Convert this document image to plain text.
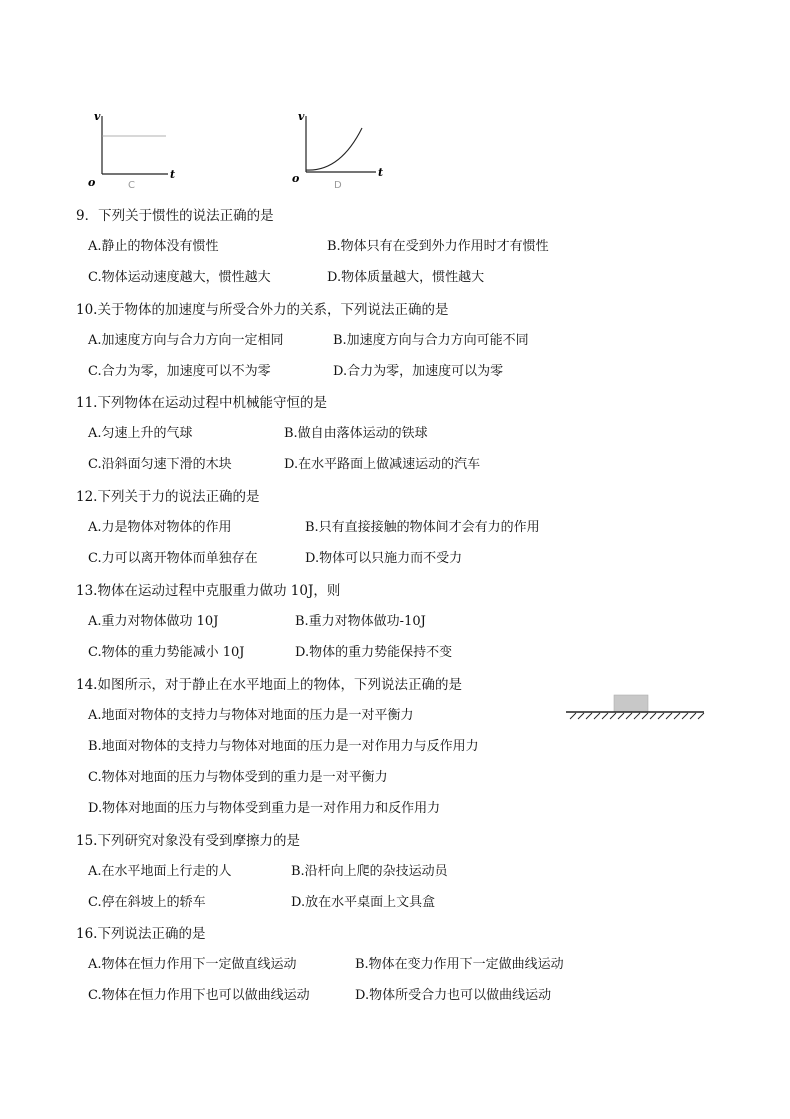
v
t
o	C
v
t
o
D
9．下列关于惯性的说法正确的是
A.静止的物体没有惯性	B.物体只有在受到外力作用时才有惯性
C.物体运动速度越大，惯性越大	D.物体质量越大，惯性越大
10.关于物体的加速度与所受合外力的关系，下列说法正确的是
A.加速度方向与合力方向一定相同	B.加速度方向与合力方向可能不同
C.合力为零，加速度可以不为零	D.合力为零，加速度可以为零
11.下列物体在运动过程中机械能守恒的是
A.匀速上升的气球	B.做自由落体运动的铁球
C.沿斜面匀速下滑的木块	D.在水平路面上做减速运动的汽车
12.下列关于力的说法正确的是
A.力是物体对物体的作用	B.只有直接接触的物体间才会有力的作用
C.力可以离开物体而单独存在	D.物体可以只施力而不受力
13.物体在运动过程中克服重力做功 10J，则
A.重力对物体做功 10J	B.重力对物体做功-10J
C.物体的重力势能减小 10J	D.物体的重力势能保持不变
14.如图所示，对于静止在水平地面上的物体，下列说法正确的是
A.地面对物体的支持力与物体对地面的压力是一对平衡力
B.地面对物体的支持力与物体对地面的压力是一对作用力与反作用力
C.物体对地面的压力与物体受到的重力是一对平衡力
D.物体对地面的压力与物体受到重力是一对作用力和反作用力
15.下列研究对象没有受到摩擦力的是
A.在水平地面上行走的人	B.沿杆向上爬的杂技运动员
C.停在斜坡上的轿车	D.放在水平桌面上文具盒
16.下列说法正确的是
A.物体在恒力作用下一定做直线运动	B.物体在变力作用下一定做曲线运动
C.物体在恒力作用下也可以做曲线运动	D.物体所受合力也可以做曲线运动
